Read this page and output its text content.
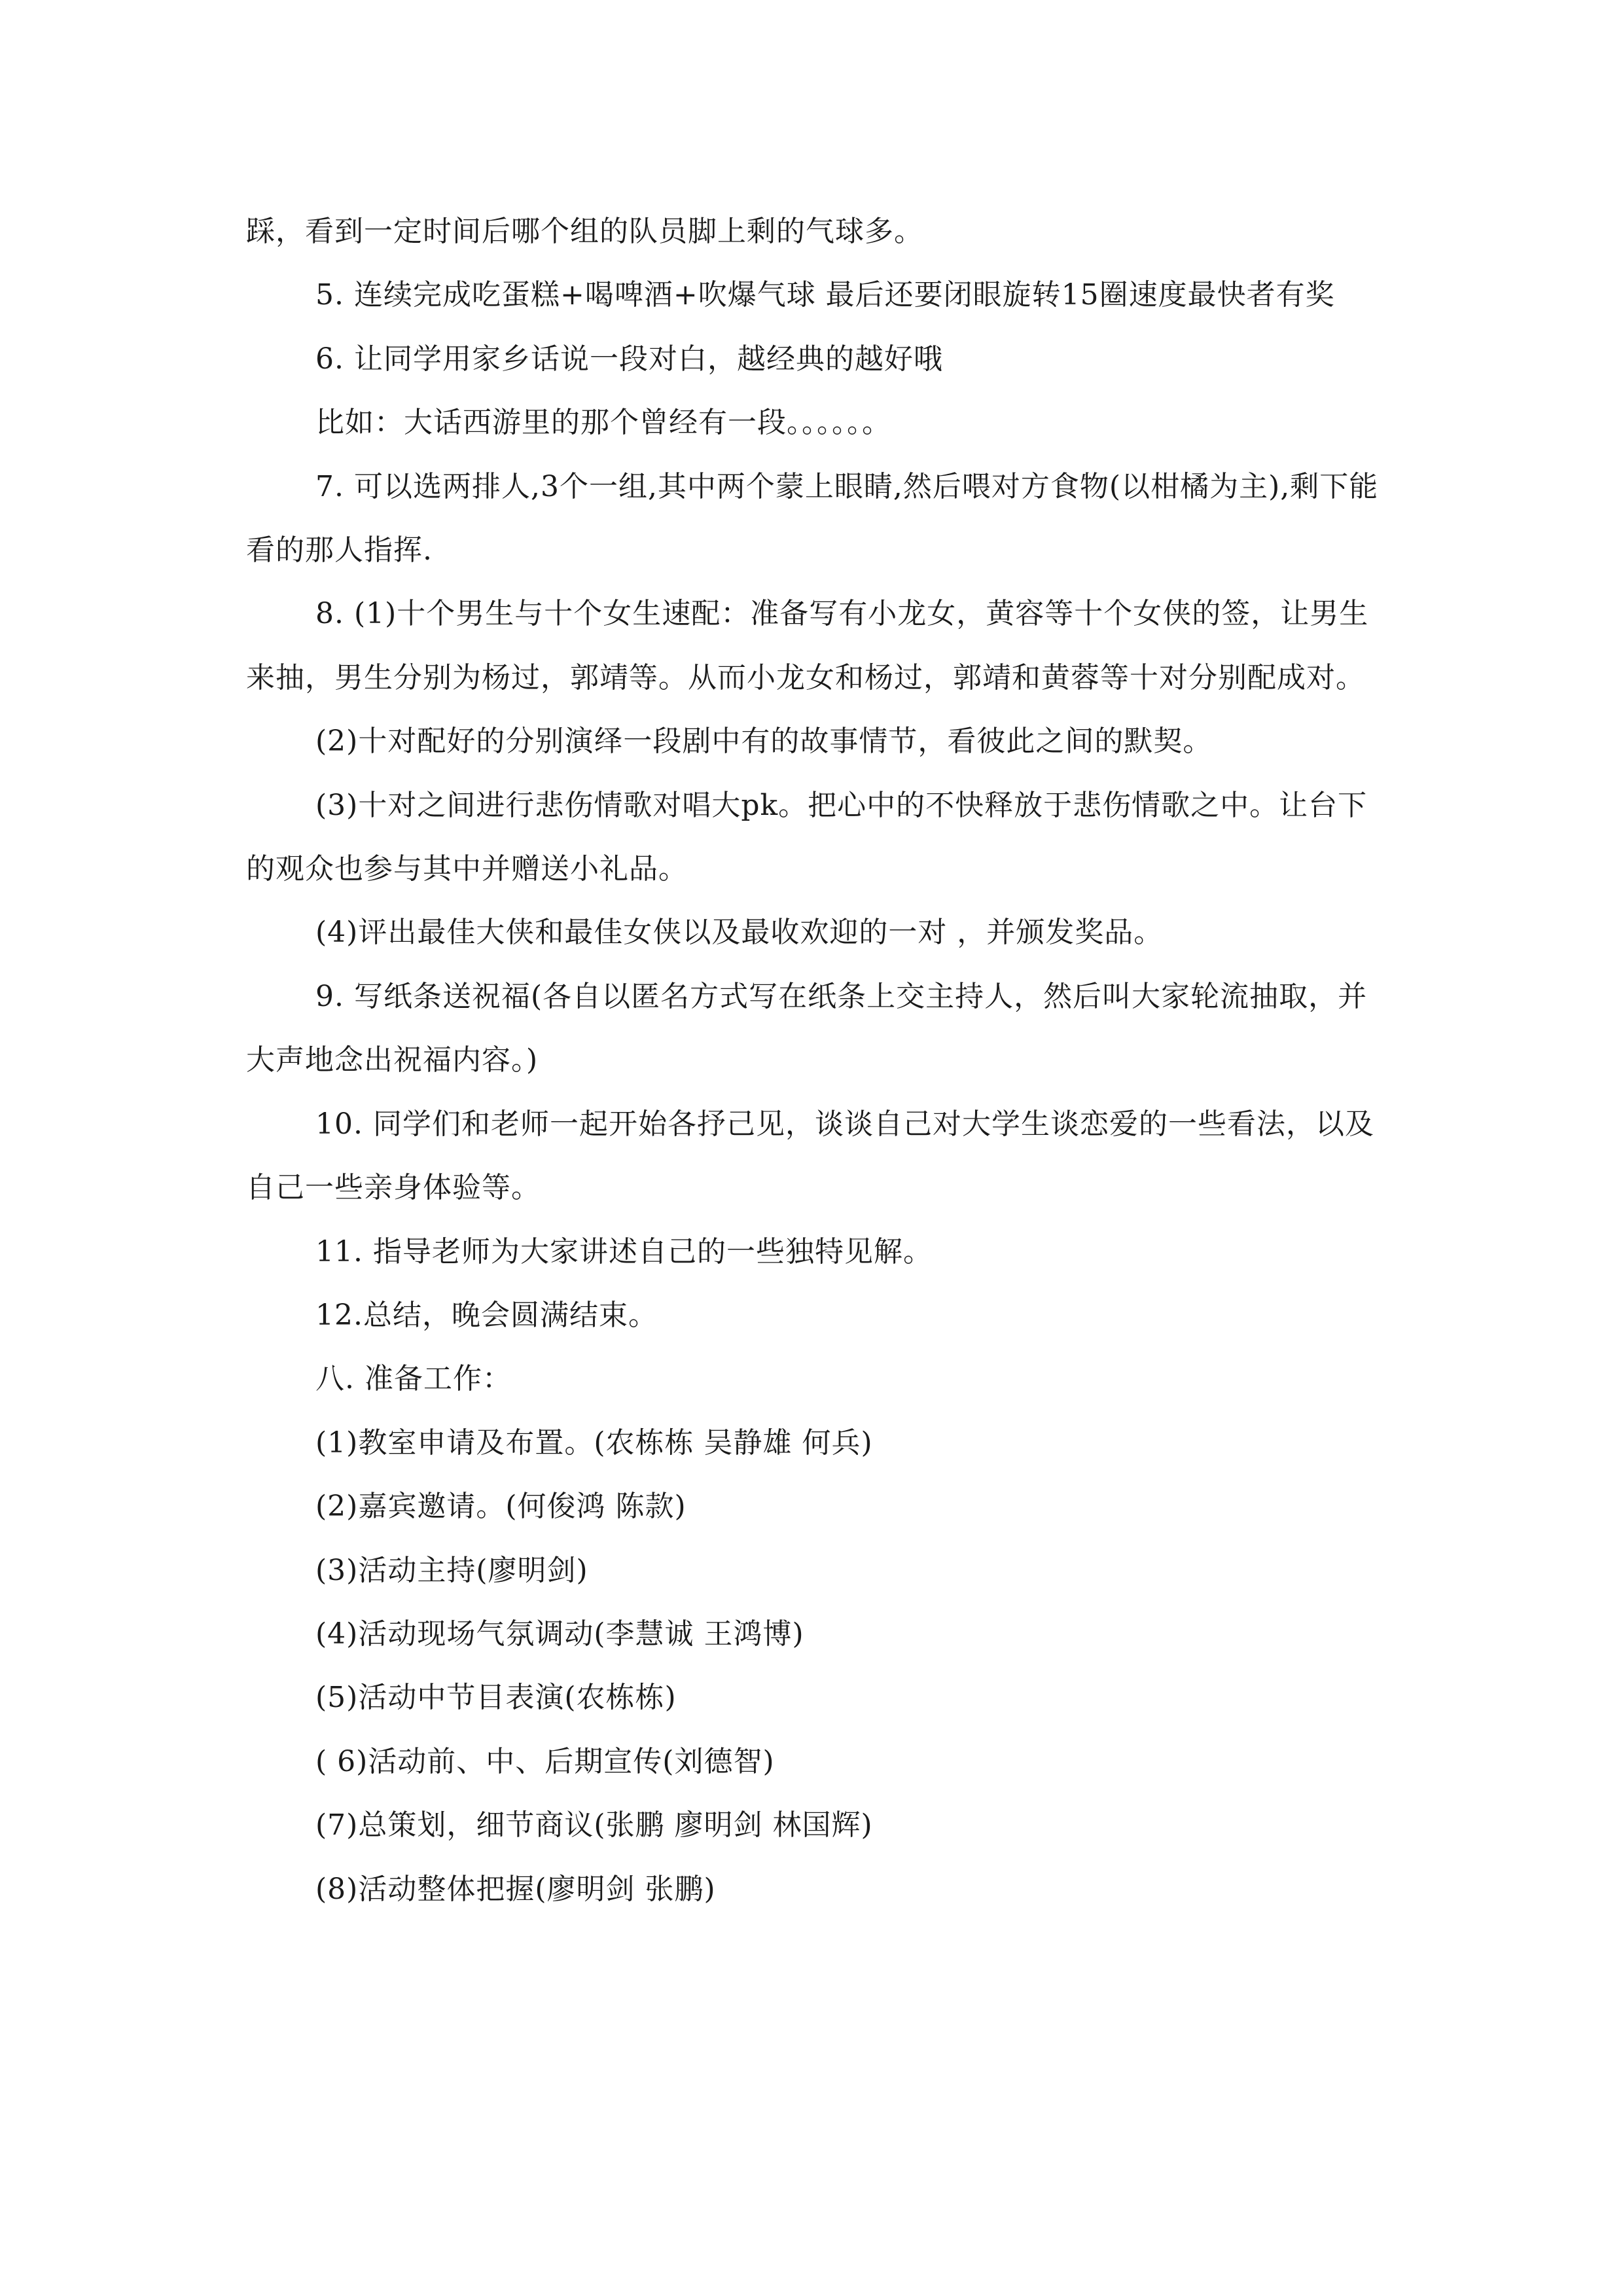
踩，看到一定时间后哪个组的队员脚上剩的气球多。

5. 连续完成吃蛋糕+喝啤酒+吹爆气球 最后还要闭眼旋转15圈速度最快者有奖

6. 让同学用家乡话说一段对白，越经典的越好哦

比如：大话西游里的那个曾经有一段。。。。。。

7. 可以选两排人,3个一组,其中两个蒙上眼睛,然后喂对方食物(以柑橘为主),剩下能看的那人指挥.

8. (1)十个男生与十个女生速配：准备写有小龙女，黄容等十个女侠的签，让男生来抽，男生分别为杨过，郭靖等。从而小龙女和杨过，郭靖和黄蓉等十对分别配成对。

(2)十对配好的分别演绎一段剧中有的故事情节，看彼此之间的默契。

(3)十对之间进行悲伤情歌对唱大pk。把心中的不快释放于悲伤情歌之中。让台下的观众也参与其中并赠送小礼品。

(4)评出最佳大侠和最佳女侠以及最收欢迎的一对 ，并颁发奖品。

9. 写纸条送祝福(各自以匿名方式写在纸条上交主持人，然后叫大家轮流抽取，并大声地念出祝福内容。)

10. 同学们和老师一起开始各抒己见，谈谈自己对大学生谈恋爱的一些看法，以及自己一些亲身体验等。

11. 指导老师为大家讲述自己的一些独特见解。

12.总结，晚会圆满结束。

八. 准备工作：

(1)教室申请及布置。(农栋栋 吴静雄 何兵)

(2)嘉宾邀请。(何俊鸿 陈款)

(3)活动主持(廖明剑)

(4)活动现场气氛调动(李慧诚 王鸿博)

(5)活动中节目表演(农栋栋)

( 6)活动前、中、后期宣传(刘德智)

(7)总策划，细节商议(张鹏 廖明剑 林国辉)

(8)活动整体把握(廖明剑 张鹏)
